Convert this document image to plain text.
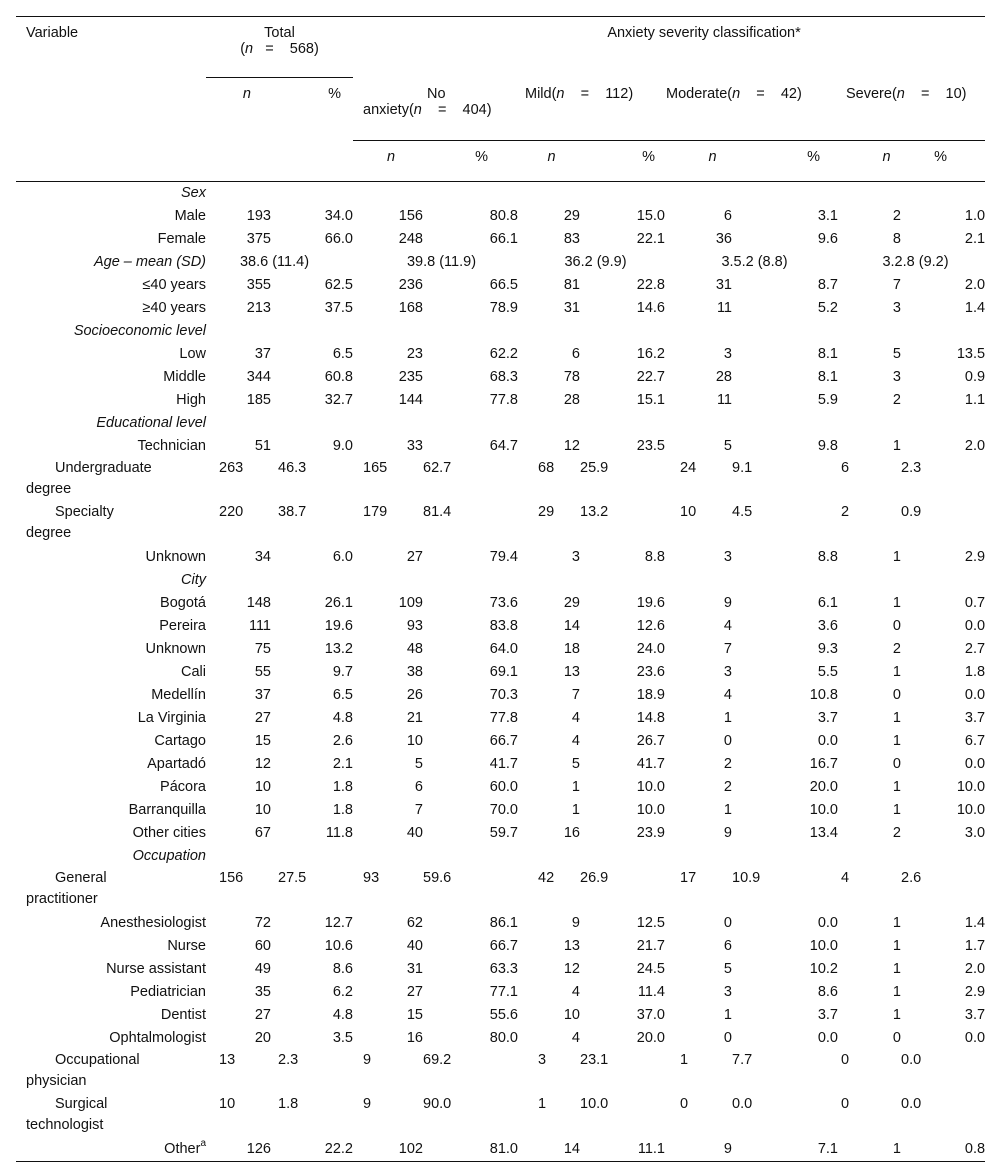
Variable	Total
(n   =    568)			Anxiety severity classification*						
	n	%	No
anxiety(n    =    404)		Mild(n    =    112)		Moderate(n    =    42)		Severe(n    =    10)	
			n	%	n	%	n	%	n	%
Sex										
Male	193	34.0	156	80.8	29	15.0	6	3.1	2	1.0
Female	375	66.0	248	66.1	83	22.1	36	9.6	8	2.1
Age – mean (SD)	38.6 (11.4)		39.8 (11.9)		36.2 (9.9)		3.5.2 (8.8)		3.2.8 (9.2)	
≤40 years	355	62.5	236	66.5	81	22.8	31	8.7	7	2.0
≥40 years	213	37.5	168	78.9	31	14.6	11	5.2	3	1.4
Socioeconomic level										
Low	37	6.5	23	62.2	6	16.2	3	8.1	5	13.5
Middle	344	60.8	235	68.3	78	22.7	28	8.1	3	0.9
High	185	32.7	144	77.8	28	15.1	11	5.9	2	1.1
Educational level										
Technician	51	9.0	33	64.7	12	23.5	5	9.8	1	2.0
Undergraduate
degree	263	46.3	165	62.7	68	25.9	24	9.1	6	2.3
Specialty
degree	220	38.7	179	81.4	29	13.2	10	4.5	2	0.9
Unknown	34	6.0	27	79.4	3	8.8	3	8.8	1	2.9
City										
Bogotá	148	26.1	109	73.6	29	19.6	9	6.1	1	0.7
Pereira	111	19.6	93	83.8	14	12.6	4	3.6	0	0.0
Unknown	75	13.2	48	64.0	18	24.0	7	9.3	2	2.7
Cali	55	9.7	38	69.1	13	23.6	3	5.5	1	1.8
Medellín	37	6.5	26	70.3	7	18.9	4	10.8	0	0.0
La Virginia	27	4.8	21	77.8	4	14.8	1	3.7	1	3.7
Cartago	15	2.6	10	66.7	4	26.7	0	0.0	1	6.7
Apartadó	12	2.1	5	41.7	5	41.7	2	16.7	0	0.0
Pácora	10	1.8	6	60.0	1	10.0	2	20.0	1	10.0
Barranquilla	10	1.8	7	70.0	1	10.0	1	10.0	1	10.0
Other cities	67	11.8	40	59.7	16	23.9	9	13.4	2	3.0
Occupation										
General
practitioner	156	27.5	93	59.6	42	26.9	17	10.9	4	2.6
Anesthesiologist	72	12.7	62	86.1	9	12.5	0	0.0	1	1.4
Nurse	60	10.6	40	66.7	13	21.7	6	10.0	1	1.7
Nurse assistant	49	8.6	31	63.3	12	24.5	5	10.2	1	2.0
Pediatrician	35	6.2	27	77.1	4	11.4	3	8.6	1	2.9
Dentist	27	4.8	15	55.6	10	37.0	1	3.7	1	3.7
Ophtalmologist	20	3.5	16	80.0	4	20.0	0	0.0	0	0.0
Occupational
physician	13	2.3	9	69.2	3	23.1	1	7.7	0	0.0
Surgical
technologist	10	1.8	9	90.0	1	10.0	0	0.0	0	0.0
Other$^a$	126	22.2	102	81.0	14	11.1	9	7.1	1	0.8
